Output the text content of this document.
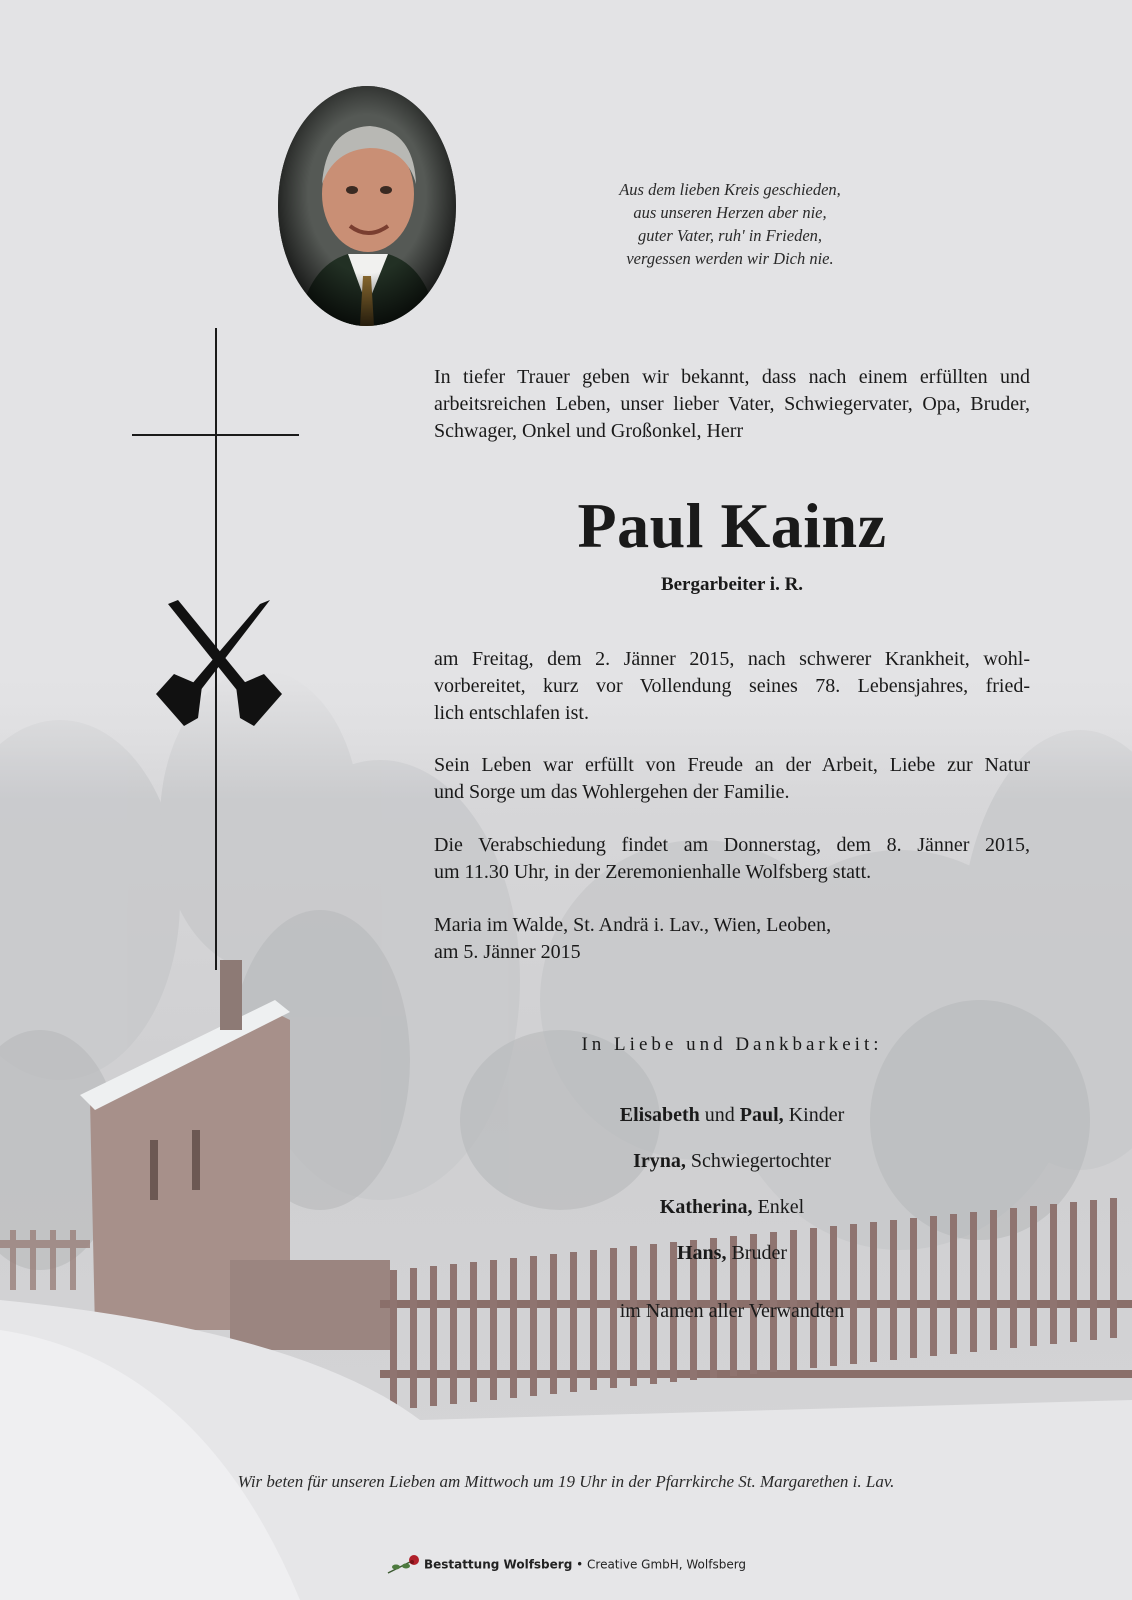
Aus dem lieben Kreis geschieden,
aus unseren Herzen aber nie,
guter Vater, ruh' in Frieden,
vergessen werden wir Dich nie.
In tiefer Trauer geben wir bekannt, dass nach einem erfüllten und arbeitsreichen Leben, unser lieber Vater, Schwiegervater, Opa, Bruder, Schwager, Onkel und Großonkel, Herr
Paul Kainz
Bergarbeiter i. R.
am Freitag, dem 2. Jänner 2015, nach schwerer Krankheit, wohl-
vorbereitet, kurz vor Vollendung seines 78. Lebensjahres, fried-
lich entschlafen ist.
Sein Leben war erfüllt von Freude an der Arbeit, Liebe zur Natur
und Sorge um das Wohlergehen der Familie.
Die Verabschiedung findet am Donnerstag, dem 8. Jänner 2015,
um 11.30 Uhr, in der Zeremonienhalle Wolfsberg statt.
Maria im Walde, St. Andrä i. Lav., Wien, Leoben,
am 5. Jänner 2015
In Liebe und Dankbarkeit:
Elisabeth und Paul, Kinder
Iryna, Schwiegertochter
Katherina, Enkel
Hans, Bruder
im Namen aller Verwandten
Wir beten für unseren Lieben am Mittwoch um 19 Uhr in der Pfarrkirche St. Margarethen i. Lav.
Bestattung Wolfsberg • Creative GmbH, Wolfsberg
